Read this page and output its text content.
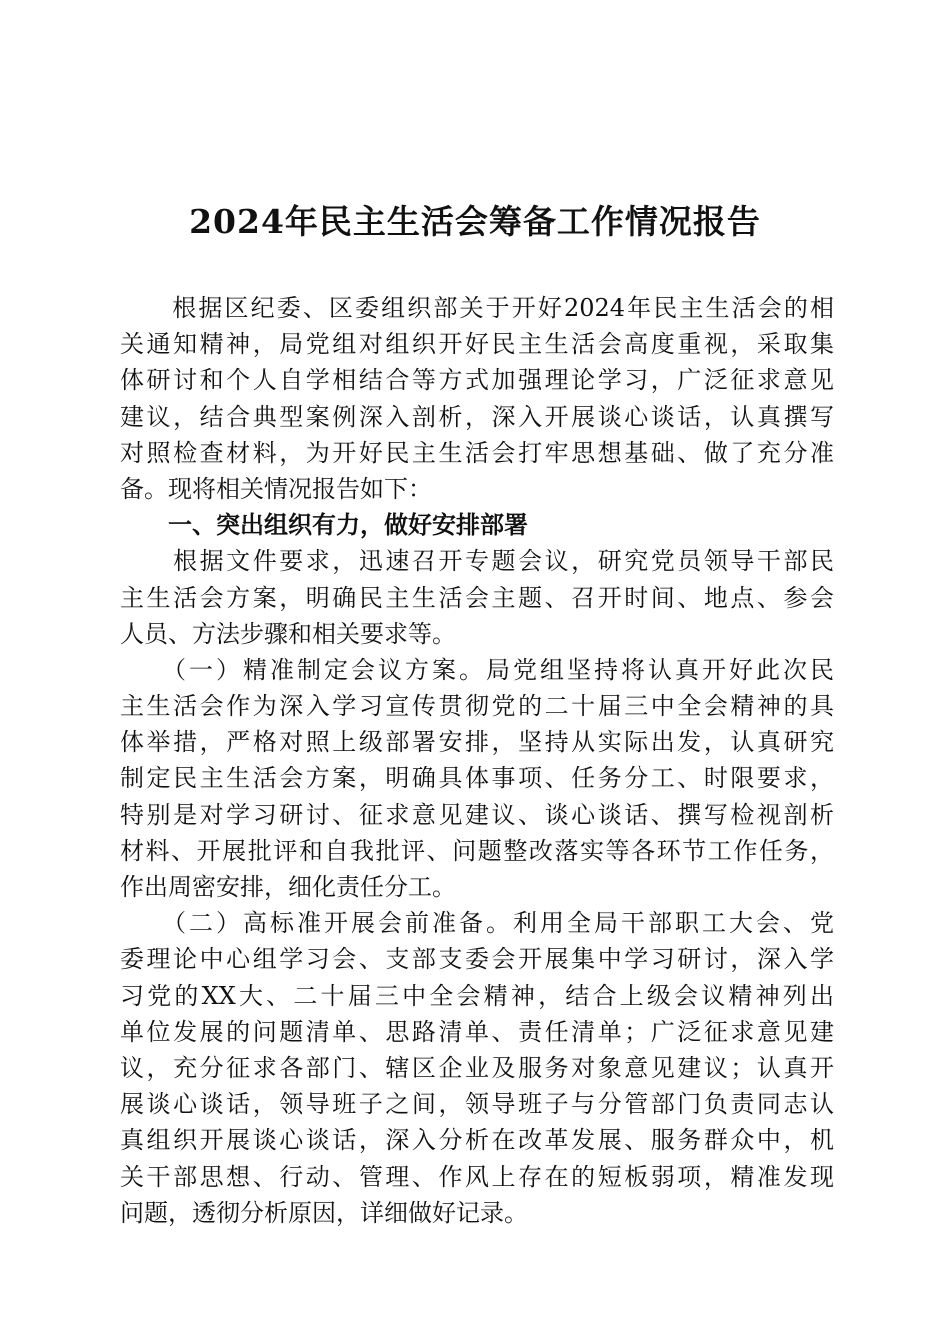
2024年民主生活会筹备工作情况报告
　　根据区纪委、区委组织部关于开好2024年民主生活会的相
关通知精神，局党组对组织开好民主生活会高度重视，采取集
体研讨和个人自学相结合等方式加强理论学习，广泛征求意见
建议，结合典型案例深入剖析，深入开展谈心谈话，认真撰写
对照检查材料，为开好民主生活会打牢思想基础、做了充分准
备。现将相关情况报告如下：
　　一、突出组织有力，做好安排部署
　　根据文件要求，迅速召开专题会议，研究党员领导干部民
主生活会方案，明确民主生活会主题、召开时间、地点、参会
人员、方法步骤和相关要求等。
　　（一）精准制定会议方案。局党组坚持将认真开好此次民
主生活会作为深入学习宣传贯彻党的二十届三中全会精神的具
体举措，严格对照上级部署安排，坚持从实际出发，认真研究
制定民主生活会方案，明确具体事项、任务分工、时限要求，
特别是对学习研讨、征求意见建议、谈心谈话、撰写检视剖析
材料、开展批评和自我批评、问题整改落实等各环节工作任务，
作出周密安排，细化责任分工。
　　（二）高标准开展会前准备。利用全局干部职工大会、党
委理论中心组学习会、支部支委会开展集中学习研讨，深入学
习党的XX大、二十届三中全会精神，结合上级会议精神列出
单位发展的问题清单、思路清单、责任清单；广泛征求意见建
议，充分征求各部门、辖区企业及服务对象意见建议；认真开
展谈心谈话，领导班子之间，领导班子与分管部门负责同志认
真组织开展谈心谈话，深入分析在改革发展、服务群众中，机
关干部思想、行动、管理、作风上存在的短板弱项，精准发现
问题，透彻分析原因，详细做好记录。
